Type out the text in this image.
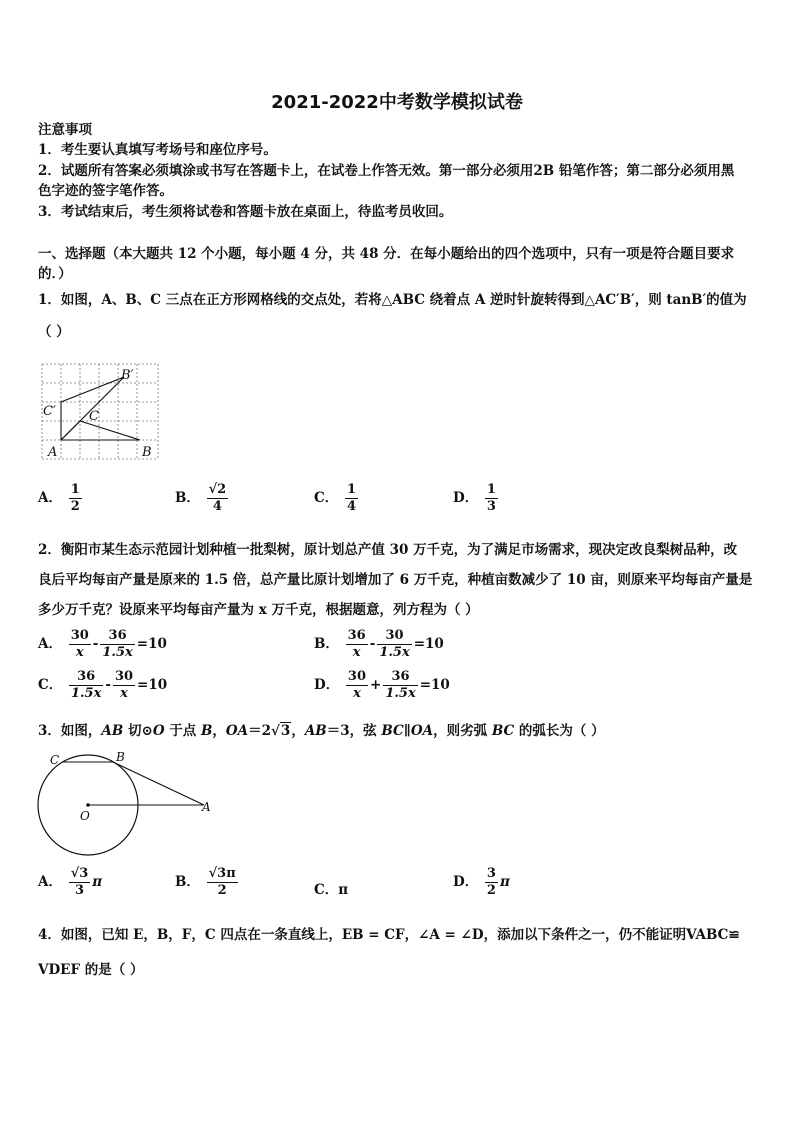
2021-2022中考数学模拟试卷
注意事项
1．考生要认真填写考场号和座位序号。
2．试题所有答案必须填涂或书写在答题卡上，在试卷上作答无效。第一部分必须用2B 铅笔作答；第二部分必须用黑
色字迹的签字笔作答。
3．考试结束后，考生须将试卷和答题卡放在桌面上，待监考员收回。
一、选择题（本大题共 12 个小题，每小题 4 分，共 48 分．在每小题给出的四个选项中，只有一项是符合题目要求
的．）
1．如图，A、B、C 三点在正方形网格线的交点处，若将△ABC 绕着点 A 逆时针旋转得到△AC′B′，则 tanB′的值为
（ ）
A	B
C
B′
C′
A． $\frac{1}{2}$	B． $\frac{√2}{4}$	C． $\frac{1}{4}$	D． $\frac{1}{3}$
2．衡阳市某生态示范园计划种植一批梨树，原计划总产值 30 万千克，为了满足市场需求，现决定改良梨树品种，改
良后平均每亩产量是原来的 1.5 倍，总产量比原计划增加了 6 万千克，种植亩数减少了 10 亩，则原来平均每亩产量是
多少万千克？设原来平均每亩产量为 x 万千克，根据题意，列方程为（ ）
A． $\frac{30}{x} - \frac{36}{1.5x} =10$	B． $\frac{36}{x} - \frac{30}{1.5x} =10$
C． $\frac{36}{1.5x} - \frac{30}{x} =10$	D． $\frac{30}{x} + \frac{36}{1.5x} =10$
3．如图，AB 切⊙O 于点 B，OA＝2√3，AB＝3，弦 BC∥OA，则劣弧 BC 的弧长为（ ）
C	B
O
A
A． $\frac{√3}{3}$ π	B． $\frac{√3\pi}{2}$	C．π	D． $\frac{3}{2}$ π
4．如图，已知 E，B，F，C 四点在一条直线上，EB = CF，∠A = ∠D，添加以下条件之一，仍不能证明VABC≌
VDEF 的是（ ）
